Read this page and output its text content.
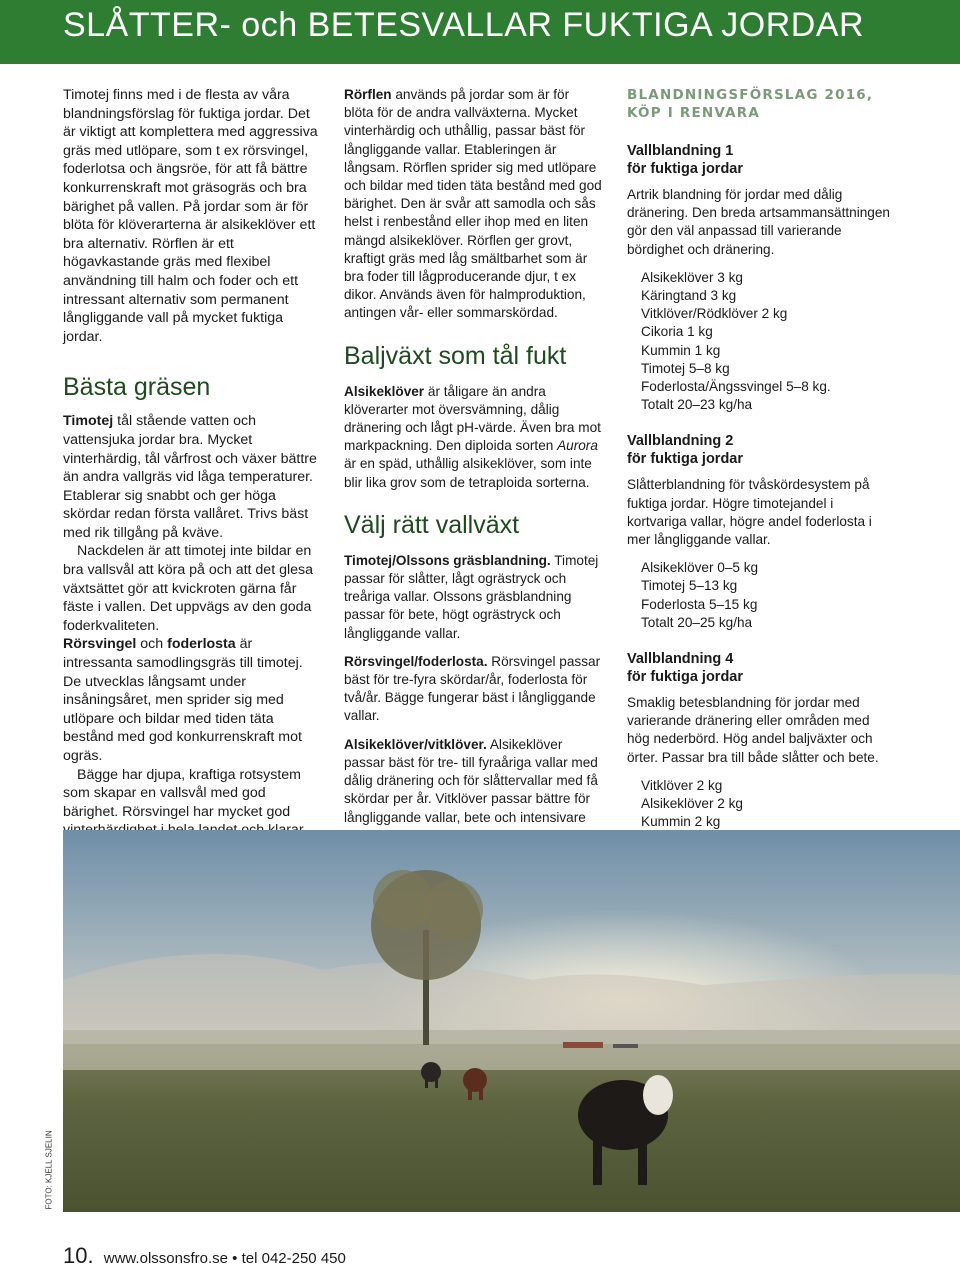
SLÅTTER- och BETESVALLAR FUKTIGA JORDAR

Timotej finns med i de flesta av våra blandningsförslag för fuktiga jordar. Det är viktigt att komplettera med aggressiva gräs med utlöpare, som t ex rörsvingel, foderlotsa och ängsröe, för att få bättre konkurrenskraft mot gräsogräs och bra bärighet på vallen. På jordar som är för blöta för klöverarterna är alsikeklöver ett bra alternativ. Rörflen är ett högavkastande gräs med flexibel användning till halm och foder och ett intressant alternativ som permanent långliggande vall på mycket fuktiga jordar.

Bästa gräsen

Timotej tål stående vatten och vattensjuka jordar bra. Mycket vinterhärdig, tål vårfrost och växer bättre än andra vallgräs vid låga temperaturer. Etablerar sig snabbt och ger höga skördar redan första vallåret. Trivs bäst med rik tillgång på kväve.

Nackdelen är att timotej inte bildar en bra vallsvål att köra på och att det glesa växtsättet gör att kvickroten gärna får fäste i vallen. Det uppvägs av den goda foderkvaliteten.

Rörsvingel och foderlosta är intressanta samodlingsgräs till timotej. De utvecklas långsamt under insåningsåret, men sprider sig med utlöpare och bildar med tiden täta bestånd med god konkurrenskraft mot ogräs.

Bägge har djupa, kraftiga rotsystem som skapar en vallsvål med god bärighet. Rörsvingel har mycket god

Rörflen används på jordar som är för blöta för de andra vallväxterna. Mycket vinterhärdig och uthållig, passar bäst för långliggande vallar. Etableringen är långsam. Rörflen sprider sig med utlöpare och bildar med tiden täta bestånd med god bärighet. Den är svår att samodla och sås helst i renbestånd eller ihop med en liten mängd alsikeklöver. Rörflen ger grovt, kraftigt gräs med låg smältbarhet som är bra foder till lågproducerande djur, t ex dikor. Används även för halmproduktion, antingen vår- eller sommarskördad.

Baljväxt som tål fukt

Alsikeklöver är tåligare än andra klöverarter mot översvämning, dålig dränering och lågt pH-värde. Även bra mot markpackning. Den diploida sorten Aurora är en späd, uthållig alsikeklöver, som inte blir lika grov som de tetraploida sorterna.

Välj rätt vallväxt

Timotej/Olssons gräsblandning. Timotej passar för slåtter, lågt ogrästryck och treåriga vallar. Olssons gräsblandning passar för bete, högt ogrästryck och långliggande vallar.

Rörsvingel/foderlosta. Rörsvingel passar bäst för tre-fyra skördar/år, foderlosta för två/år. Bägge fungerar bäst i långliggande vallar.

Alsikeklöver/vitklöver. Alsikeklöver passar bäst för tre- till fyraåriga vallar med dålig dränering och för slåttervallar med få skördar per år. Vitklöver passar bättre för långliggande vallar, bete och intensivare

BLANDNINGSFÖRSLAG 2016,
KÖP I RENVARA
Vallblandning 1
för fuktiga jordar

Artrik blandning för jordar med dålig dränering. Den breda artsammansättningen gör den väl anpassad till varierande bördighet och dränering.

Alsikeklöver 3 kg
Käringtand 3 kg
Vitklöver/Rödklöver 2 kg
Cikoria 1 kg
Kummin 1 kg
Timotej 5–8 kg
Foderlosta/Ängssvingel 5–8 kg.
Totalt 20–23 kg/ha
Vallblandning 2
för fuktiga jordar

Slåtterblandning för tvåskördesystem på fuktiga jordar. Högre timotejandel i kortvariga vallar, högre andel foderlosta i mer långliggande vallar.

Alsikeklöver 0–5 kg
Timotej 5–13 kg
Foderlosta 5–15 kg
Totalt 20–25 kg/ha
Vallblandning 4
för fuktiga jordar

Smaklig betesblandning för jordar med varierande dränering eller områden med hög nederbörd. Hög andel baljväxter och örter. Passar bra till både slåtter och bete.

Vitklöver 2 kg
Alsikeklöver 2 kg
Kummin 2 kg
FOTO: KJELL SJELIN
10. www.olssonsfro.se • tel 042-250 450
